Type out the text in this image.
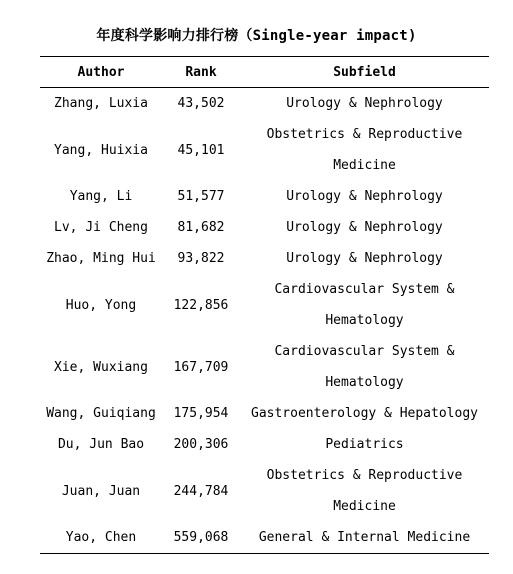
年度科学影响力排行榜（Single-year impact)
Author	Rank	Subfield
Zhang, Luxia	43,502	Urology & Nephrology
Yang, Huixia	45,101	Obstetrics & Reproductive Medicine
Yang, Li	51,577	Urology & Nephrology
Lv, Ji Cheng	81,682	Urology & Nephrology
Zhao, Ming Hui	93,822	Urology & Nephrology
Huo, Yong	122,856	Cardiovascular System & Hematology
Xie, Wuxiang	167,709	Cardiovascular System & Hematology
Wang, Guiqiang	175,954	Gastroenterology & Hepatology
Du, Jun Bao	200,306	Pediatrics
Juan, Juan	244,784	Obstetrics & Reproductive Medicine
Yao, Chen	559,068	General & Internal Medicine
